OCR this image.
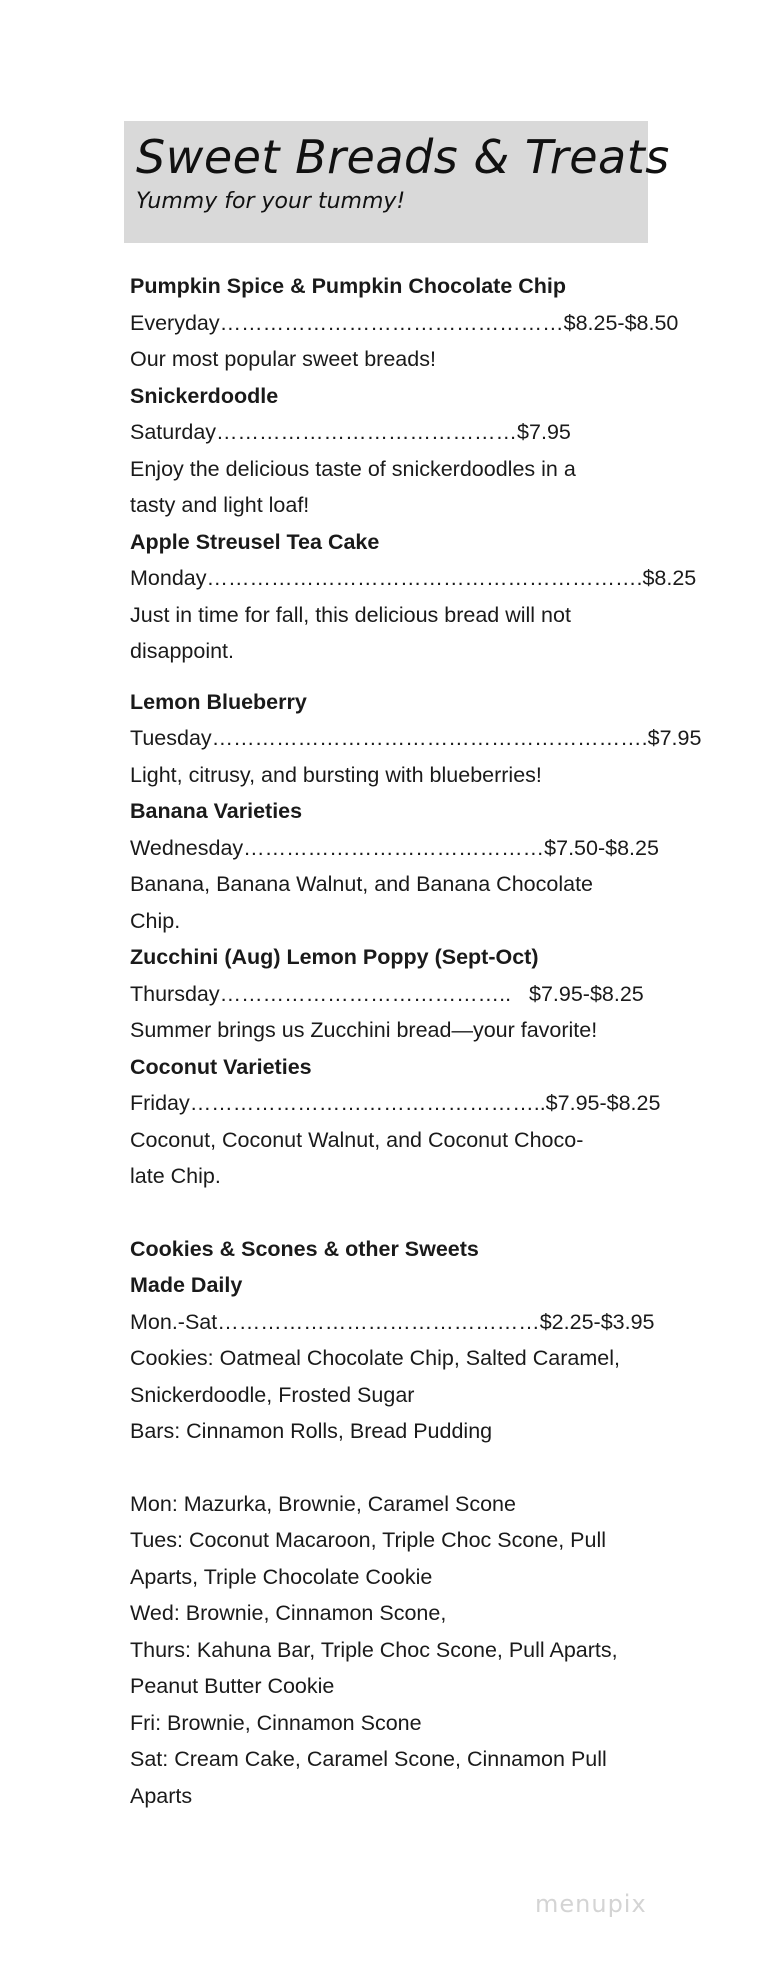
Sweet Breads & Treats
Yummy for your tummy!
Pumpkin Spice & Pumpkin Chocolate Chip
Everyday…………………………………………$8.25-$8.50
Our most popular sweet breads!
Snickerdoodle
Saturday……………………………………$7.95
Enjoy the delicious taste of snickerdoodles in a
tasty and light loaf!
Apple Streusel Tea Cake
Monday…………………………………………………….$8.25
Just in time for fall, this delicious bread will not
disappoint.
Lemon Blueberry
Tuesday…………………………………………………….$7.95
Light, citrusy, and bursting with blueberries!
Banana Varieties
Wednesday……………………………………$7.50-$8.25
Banana, Banana Walnut, and Banana Chocolate
Chip.
Zucchini (Aug) Lemon Poppy (Sept-Oct)
Thursday…………………………………..   $7.95-$8.25
Summer brings us Zucchini bread—your favorite!
Coconut Varieties
Friday…………………………………………..$7.95-$8.25
Coconut, Coconut Walnut, and Coconut Choco-
late Chip.
Cookies & Scones & other Sweets
Made Daily
Mon.-Sat………………………………………$2.25-$3.95
Cookies: Oatmeal Chocolate Chip, Salted Caramel,
Snickerdoodle, Frosted Sugar
Bars: Cinnamon Rolls, Bread Pudding
Mon: Mazurka, Brownie, Caramel Scone
Tues: Coconut Macaroon, Triple Choc Scone, Pull
Aparts, Triple Chocolate Cookie
Wed: Brownie, Cinnamon Scone,
Thurs: Kahuna Bar, Triple Choc Scone, Pull Aparts,
Peanut Butter Cookie
Fri: Brownie, Cinnamon Scone
Sat: Cream Cake, Caramel Scone, Cinnamon Pull
Aparts
menupix
